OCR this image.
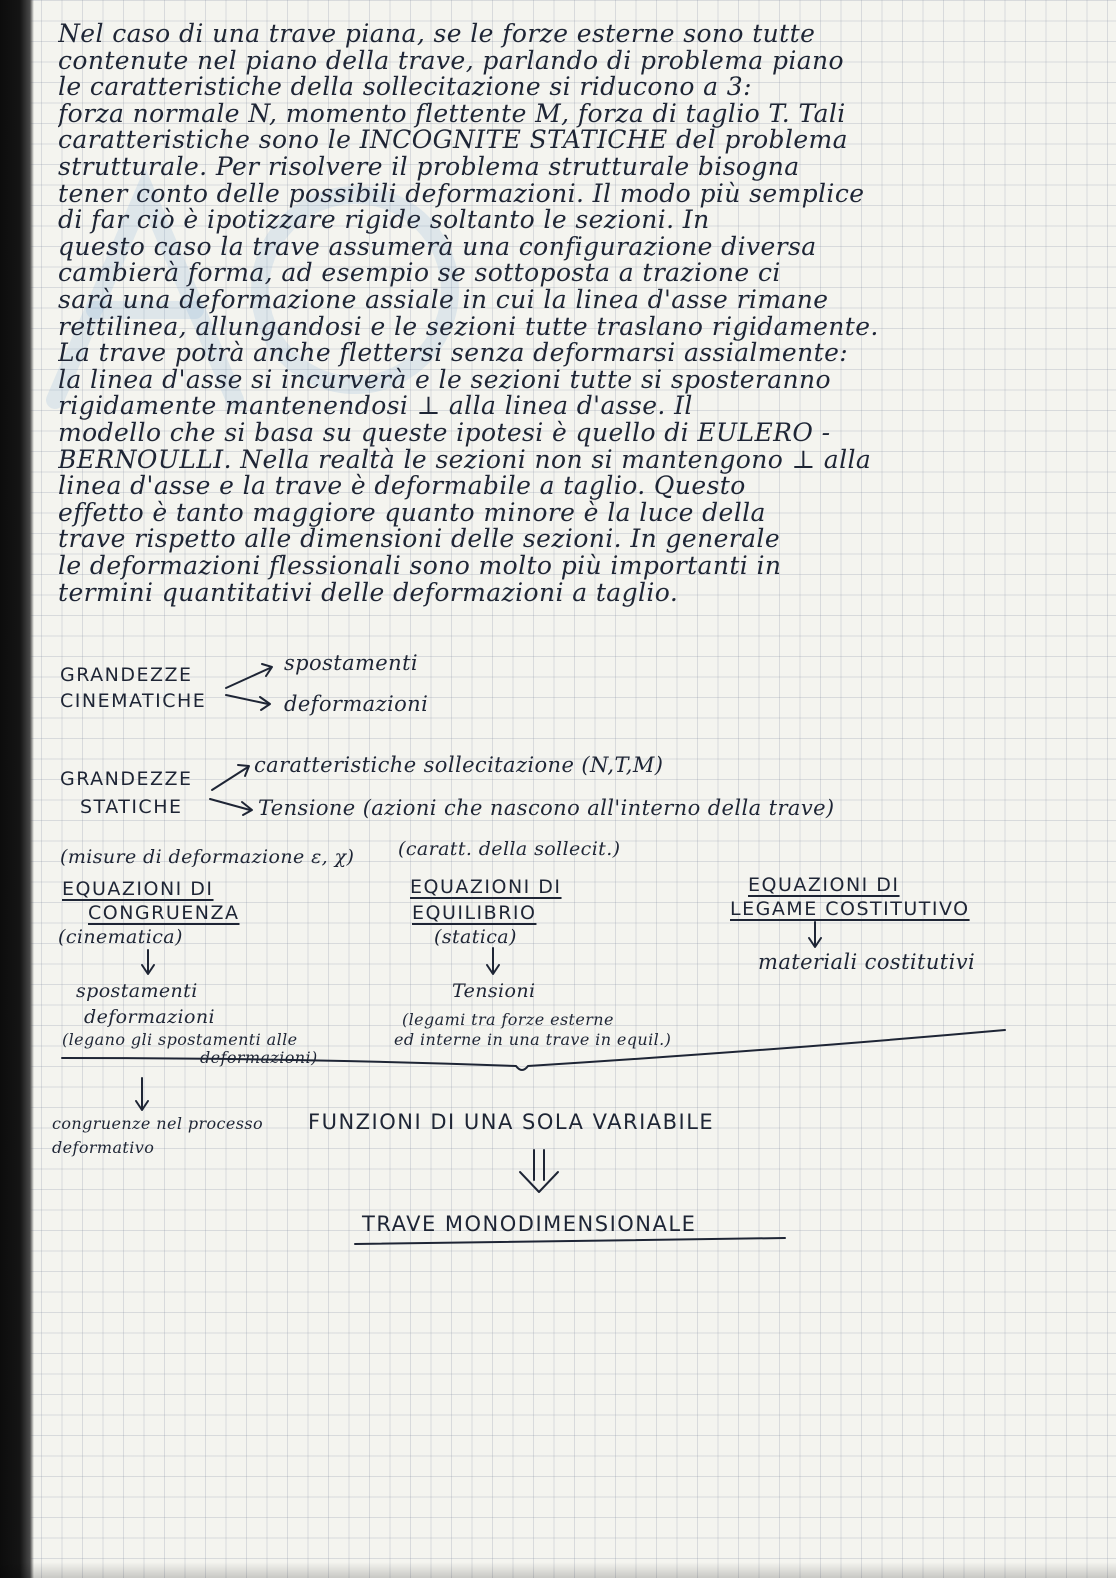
Nel caso di una trave piana, se le forze esterne sono tutte
contenute nel piano della trave, parlando di problema piano
le caratteristiche della sollecitazione si riducono a 3:
forza normale N, momento flettente M, forza di taglio T. Tali
caratteristiche sono le INCOGNITE STATICHE del problema
strutturale. Per risolvere il problema strutturale bisogna
tener conto delle possibili deformazioni. Il modo più semplice
di far ciò è ipotizzare rigide soltanto le sezioni. In
questo caso la trave assumerà una configurazione diversa
cambierà forma, ad esempio se sottoposta a trazione ci
sarà una deformazione assiale in cui la linea d'asse rimane
rettilinea, allungandosi e le sezioni tutte traslano rigidamente.
La trave potrà anche flettersi senza deformarsi assialmente:
la linea d'asse si incurverà e le sezioni tutte si sposteranno
rigidamente mantenendosi ⊥ alla linea d'asse. Il
modello che si basa su queste ipotesi è quello di EULERO -
BERNOULLI. Nella realtà le sezioni non si mantengono ⊥ alla
linea d'asse e la trave è deformabile a taglio. Questo
effetto è tanto maggiore quanto minore è la luce della
trave rispetto alle dimensioni delle sezioni. In generale
le deformazioni flessionali sono molto più importanti in
termini quantitativi delle deformazioni a taglio.
GRANDEZZE
CINEMATICHE
spostamenti
deformazioni
GRANDEZZE
STATICHE
caratteristiche sollecitazione (N,T,M)
Tensione (azioni che nascono all'interno della trave)
(misure di deformazione ε, χ)
EQUAZIONI DI
CONGRUENZA
(cinematica)
spostamenti
deformazioni
(legano gli spostamenti alle
deformazioni)
(caratt. della sollecit.)
EQUAZIONI DI
EQUILIBRIO
(statica)
Tensioni
(legami tra forze esterne
ed interne in una trave in equil.)
EQUAZIONI DI
LEGAME COSTITUTIVO
materiali costitutivi
congruenze nel processo
deformativo
FUNZIONI DI UNA SOLA VARIABILE
TRAVE MONODIMENSIONALE
